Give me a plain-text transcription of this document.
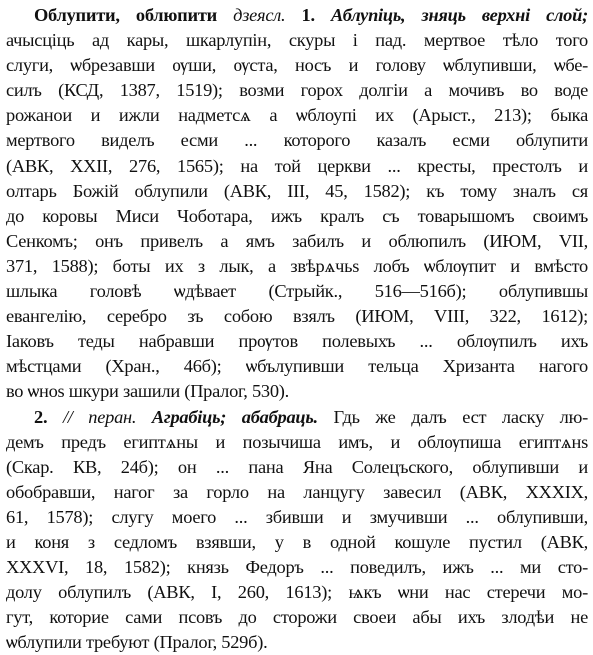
Облупити, облюпити дзеясл. 1. Аблупіць, зняць верхні слой;
ачысціць ад кары, шкарлупін, скуры і пад. мертвое тѣло того
слуги, ѡбрезавши ѹши, ѹста, носъ и голову ѡблупивши, ѡбе-
силъ (КСД, 1387, 1519); возми горох долгіи а мочивъ во воде
рожанои и ижли надметсѧ а ѡблоупі их (Арыст., 213); быка
мертвого виделъ есми ... которого казалъ есми облупити
(АВК, XXII, 276, 1565); на той церкви ... кресты, престолъ и
олтарь Божій облупили (АВК, III, 45, 1582); къ тому зналъ ся
до коровы Миси Чоботара, ижъ кралъ съ товарышомъ своимъ
Сенкомъ; онъ привелъ а ямъ забилъ и облюпилъ (ИЮМ, VII,
371, 1588); боты их з лык, а звѣрѧчьѕ лобъ ѡблѹпит и вмѣсто
шлыка головѣ ѡдѣвает (Стрыйк., 516—516б); облупившы
евангелію, серебро зъ собою взялъ (ИЮМ, VIII, 322, 1612);
Іаковъ теды набравши прѹтов полевыхъ ... облѹпилъ ихъ
мѣстцами (Хран., 46б); ѡбълупивши тельца Хризанта нагого
во ѡноѕ шкури зашили (Пралог, 530).
2. // перан. Аграбіць; абабраць. Гдь же далъ ест ласку лю-
демъ предъ египтѧны и позычиша имъ, и облѹпиша египтѧнѕ
(Скар. КВ, 24б); он ... пана Яна Солецъского, облупивши и
обобравши, нагог за горло на ланцугу завесил (АВК, XXXIX,
61, 1578); слугу моего ... збивши и змучивши ... облупивши,
и коня з седломъ взявши, у в одной кошуле пустил (АВК,
XXXVI, 18, 1582); князь Федоръ ... поведилъ, ижъ ... ми сто-
долу облупилъ (АВК, І, 260, 1613); ѩкъ ѡни нас стеречи мо-
гут, которие сами псовъ до сторожи своеи абы ихъ злодѣи не
ѡблупили требуют (Пралог, 529б).
